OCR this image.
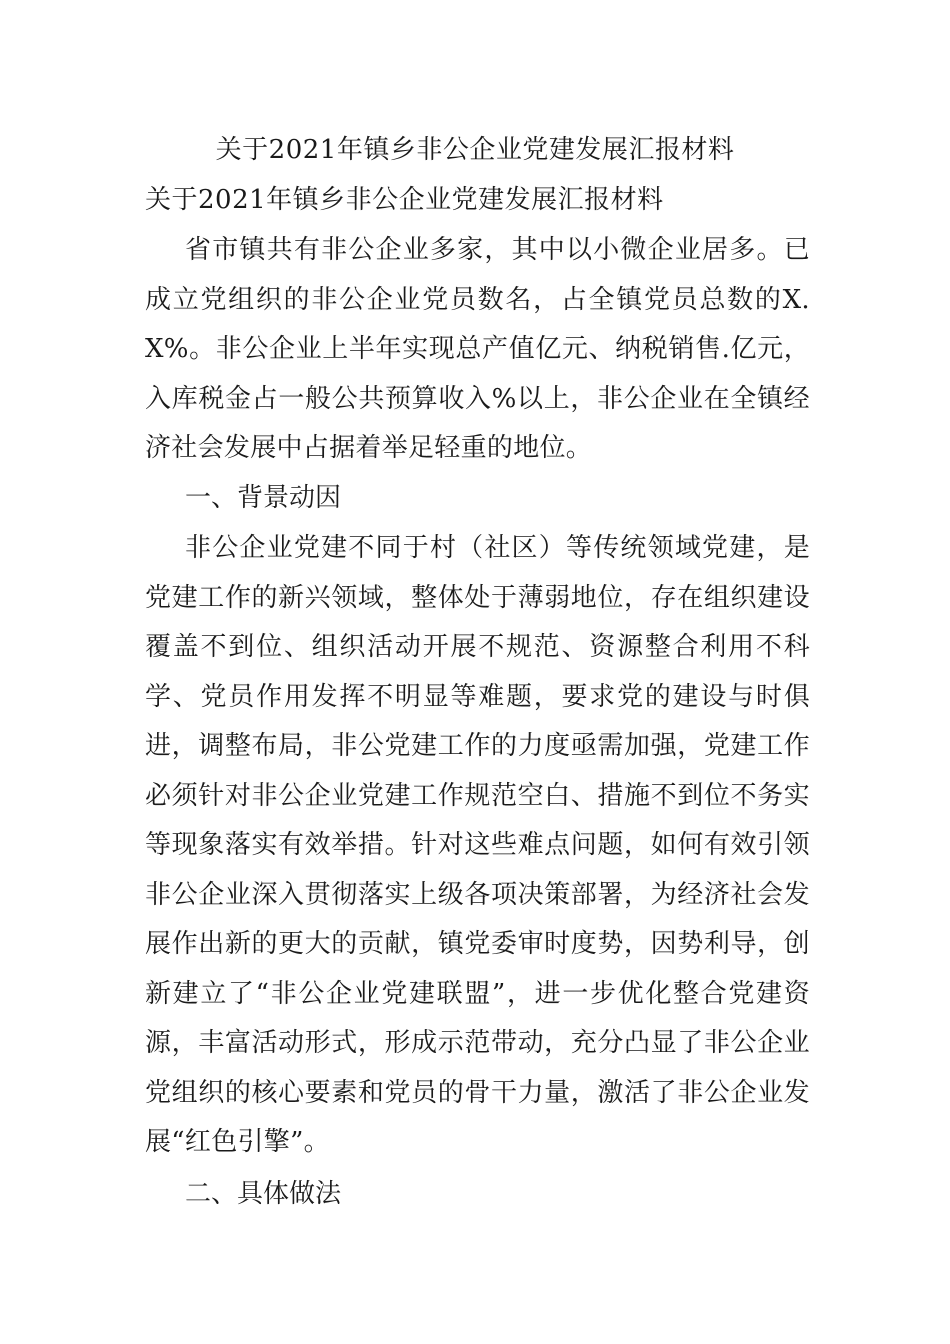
关于2021年镇乡非公企业党建发展汇报材料
关于2021年镇乡非公企业党建发展汇报材料
省市镇共有非公企业多家，其中以小微企业居多。已成立党组织的非公企业党员数名，占全镇党员总数的X.X%。非公企业上半年实现总产值亿元、纳税销售.亿元，入库税金占一般公共预算收入%以上，非公企业在全镇经济社会发展中占据着举足轻重的地位。
一、背景动因
非公企业党建不同于村（社区）等传统领域党建，是党建工作的新兴领域，整体处于薄弱地位，存在组织建设覆盖不到位、组织活动开展不规范、资源整合利用不科学、党员作用发挥不明显等难题，要求党的建设与时俱进，调整布局，非公党建工作的力度亟需加强，党建工作必须针对非公企业党建工作规范空白、措施不到位不务实等现象落实有效举措。针对这些难点问题，如何有效引领非公企业深入贯彻落实上级各项决策部署，为经济社会发展作出新的更大的贡献，镇党委审时度势，因势利导，创新建立了“非公企业党建联盟”，进一步优化整合党建资源，丰富活动形式，形成示范带动，充分凸显了非公企业党组织的核心要素和党员的骨干力量，激活了非公企业发展“红色引擎”。
二、具体做法
